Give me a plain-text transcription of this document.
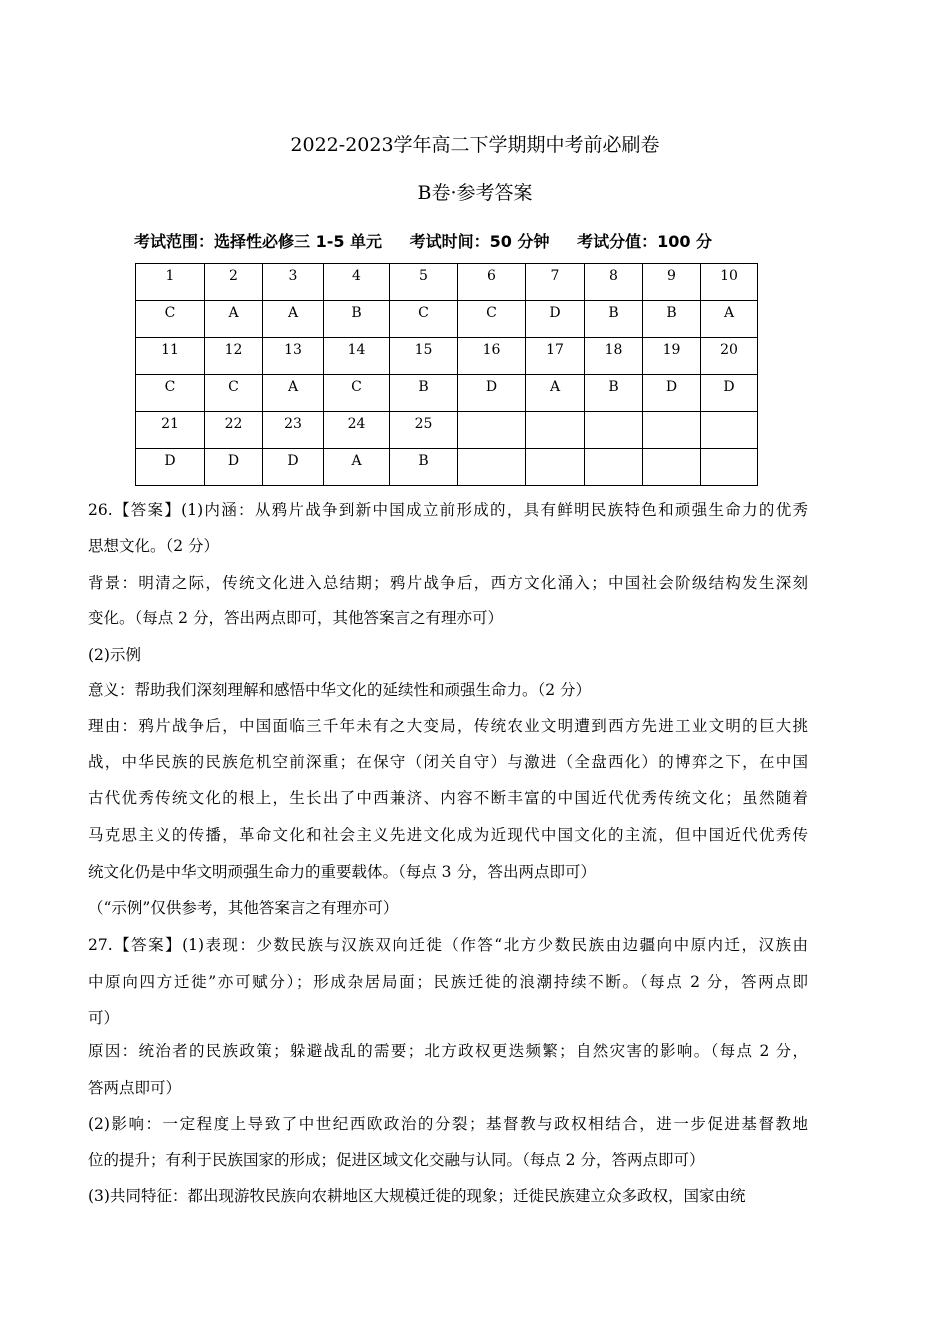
2022-2023学年高二下学期期中考前必刷卷
B卷·参考答案
考试范围：选择性必修三 1-5 单元 考试时间：50 分钟 考试分值：100 分
1	2	3	4	5	6	7	8	9	10
C	A	A	B	C	C	D	B	B	A
11	12	13	14	15	16	17	18	19	20
C	C	A	C	B	D	A	B	D	D
21	22	23	24	25					
D	D	D	A	B					
26.【答案】(1)内涵：从鸦片战争到新中国成立前形成的，具有鲜明民族特色和顽强生命力的优秀
思想文化。（2 分）
背景：明清之际，传统文化进入总结期；鸦片战争后，西方文化涌入；中国社会阶级结构发生深刻
变化。（每点 2 分，答出两点即可，其他答案言之有理亦可）
(2)示例
意义：帮助我们深刻理解和感悟中华文化的延续性和顽强生命力。（2 分）
理由：鸦片战争后，中国面临三千年未有之大变局，传统农业文明遭到西方先进工业文明的巨大挑
战，中华民族的民族危机空前深重；在保守（闭关自守）与激进（全盘西化）的博弈之下，在中国
古代优秀传统文化的根上，生长出了中西兼济、内容不断丰富的中国近代优秀传统文化；虽然随着
马克思主义的传播，革命文化和社会主义先进文化成为近现代中国文化的主流，但中国近代优秀传
统文化仍是中华文明顽强生命力的重要载体。（每点 3 分，答出两点即可）
（“示例”仅供参考，其他答案言之有理亦可）
27.【答案】(1)表现：少数民族与汉族双向迁徙（作答“北方少数民族由边疆向中原内迁，汉族由
中原向四方迁徙”亦可赋分）；形成杂居局面；民族迁徙的浪潮持续不断。（每点 2 分，答两点即
可）
原因：统治者的民族政策；躲避战乱的需要；北方政权更迭频繁；自然灾害的影响。（每点 2 分，
答两点即可）
(2)影响：一定程度上导致了中世纪西欧政治的分裂；基督教与政权相结合，进一步促进基督教地
位的提升；有利于民族国家的形成；促进区域文化交融与认同。（每点 2 分，答两点即可）
(3)共同特征：都出现游牧民族向农耕地区大规模迁徙的现象；迁徙民族建立众多政权，国家由统
